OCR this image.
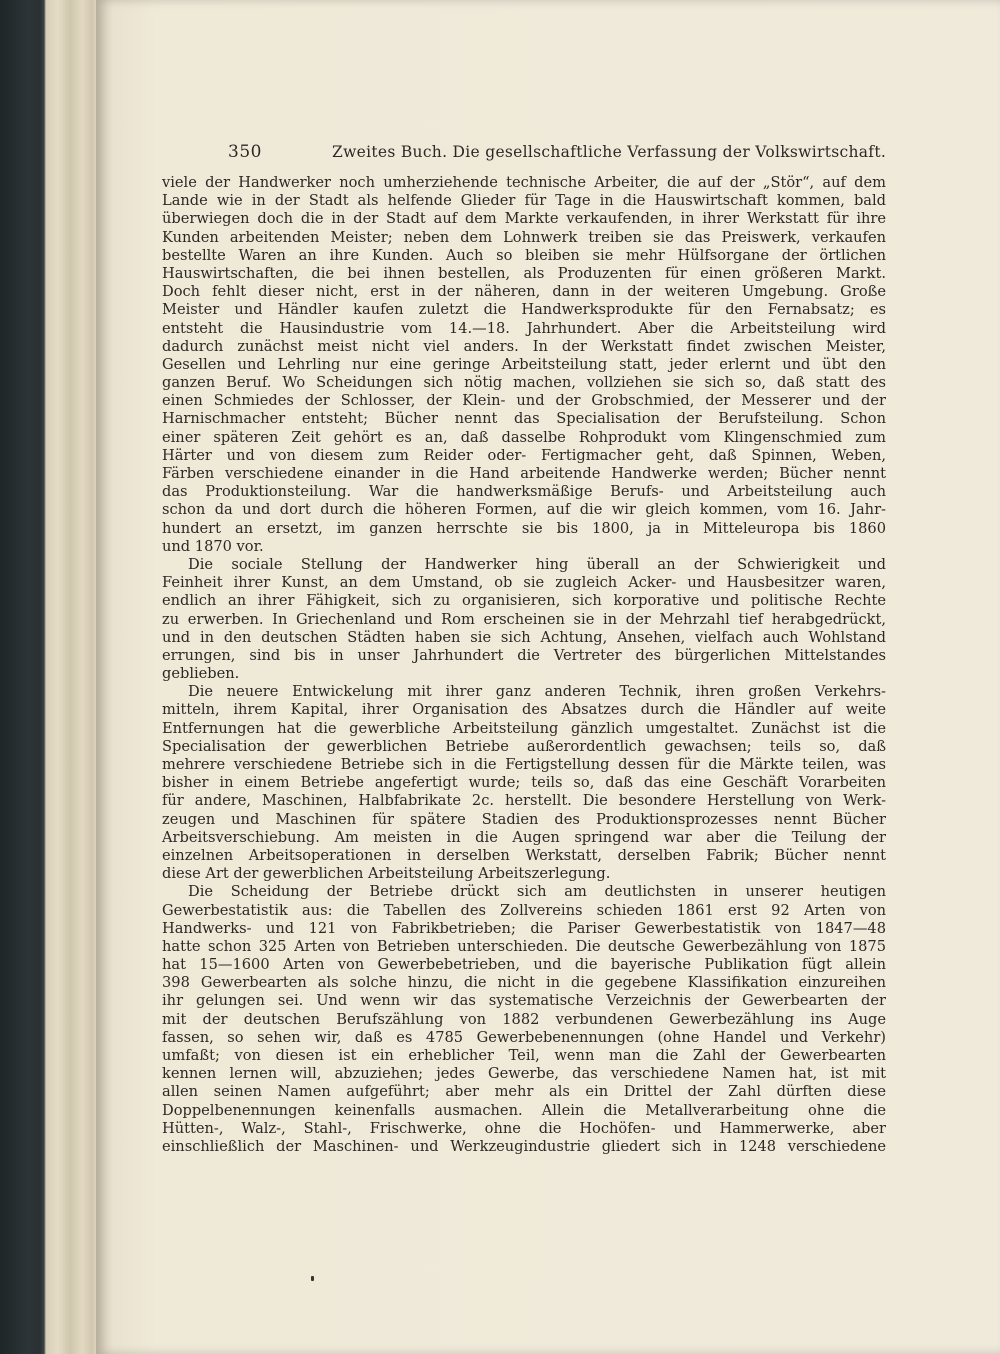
350	Zweites Buch. Die gesellschaftliche Verfassung der Volkswirtschaft.
viele der Handwerker noch umherziehende technische Arbeiter, die auf der „Stör“, auf dem
Lande wie in der Stadt als helfende Glieder für Tage in die Hauswirtschaft kommen, bald
überwiegen doch die in der Stadt auf dem Markte verkaufenden, in ihrer Werkstatt für ihre
Kunden arbeitenden Meister; neben dem Lohnwerk treiben sie das Preiswerk, verkaufen
bestellte Waren an ihre Kunden. Auch so bleiben sie mehr Hülfsorgane der örtlichen
Hauswirtschaften, die bei ihnen bestellen, als Produzenten für einen größeren Markt.
Doch fehlt dieser nicht, erst in der näheren, dann in der weiteren Umgebung. Große
Meister und Händler kaufen zuletzt die Handwerksprodukte für den Fernabsatz; es
entsteht die Hausindustrie vom 14.—18. Jahrhundert. Aber die Arbeitsteilung wird
dadurch zunächst meist nicht viel anders. In der Werkstatt findet zwischen Meister,
Gesellen und Lehrling nur eine geringe Arbeitsteilung statt, jeder erlernt und übt den
ganzen Beruf. Wo Scheidungen sich nötig machen, vollziehen sie sich so, daß statt des
einen Schmiedes der Schlosser, der Klein- und der Grobschmied, der Messerer und der
Harnischmacher entsteht; Bücher nennt das Specialisation der Berufsteilung. Schon
einer späteren Zeit gehört es an, daß dasselbe Rohprodukt vom Klingenschmied zum
Härter und von diesem zum Reider oder- Fertigmacher geht, daß Spinnen, Weben,
Färben verschiedene einander in die Hand arbeitende Handwerke werden; Bücher nennt
das Produktionsteilung. War die handwerksmäßige Berufs- und Arbeitsteilung auch
schon da und dort durch die höheren Formen, auf die wir gleich kommen, vom 16. Jahr-
hundert an ersetzt, im ganzen herrschte sie bis 1800, ja in Mitteleuropa bis 1860
und 1870 vor.
Die sociale Stellung der Handwerker hing überall an der Schwierigkeit und
Feinheit ihrer Kunst, an dem Umstand, ob sie zugleich Acker- und Hausbesitzer waren,
endlich an ihrer Fähigkeit, sich zu organisieren, sich korporative und politische Rechte
zu erwerben. In Griechenland und Rom erscheinen sie in der Mehrzahl tief herabgedrückt,
und in den deutschen Städten haben sie sich Achtung, Ansehen, vielfach auch Wohlstand
errungen, sind bis in unser Jahrhundert die Vertreter des bürgerlichen Mittelstandes
geblieben.
Die neuere Entwickelung mit ihrer ganz anderen Technik, ihren großen Verkehrs-
mitteln, ihrem Kapital, ihrer Organisation des Absatzes durch die Händler auf weite
Entfernungen hat die gewerbliche Arbeitsteilung gänzlich umgestaltet. Zunächst ist die
Specialisation der gewerblichen Betriebe außerordentlich gewachsen; teils so, daß
mehrere verschiedene Betriebe sich in die Fertigstellung dessen für die Märkte teilen, was
bisher in einem Betriebe angefertigt wurde; teils so, daß das eine Geschäft Vorarbeiten
für andere, Maschinen, Halbfabrikate 2c. herstellt. Die besondere Herstellung von Werk-
zeugen und Maschinen für spätere Stadien des Produktionsprozesses nennt Bücher
Arbeitsverschiebung. Am meisten in die Augen springend war aber die Teilung der
einzelnen Arbeitsoperationen in derselben Werkstatt, derselben Fabrik; Bücher nennt
diese Art der gewerblichen Arbeitsteilung Arbeitszerlegung.
Die Scheidung der Betriebe drückt sich am deutlichsten in unserer heutigen
Gewerbestatistik aus: die Tabellen des Zollvereins schieden 1861 erst 92 Arten von
Handwerks- und 121 von Fabrikbetrieben; die Pariser Gewerbestatistik von 1847—48
hatte schon 325 Arten von Betrieben unterschieden. Die deutsche Gewerbezählung von 1875
hat 15—1600 Arten von Gewerbebetrieben, und die bayerische Publikation fügt allein
398 Gewerbearten als solche hinzu, die nicht in die gegebene Klassifikation einzureihen
ihr gelungen sei. Und wenn wir das systematische Verzeichnis der Gewerbearten der
mit der deutschen Berufszählung von 1882 verbundenen Gewerbezählung ins Auge
fassen, so sehen wir, daß es 4785 Gewerbebenennungen (ohne Handel und Verkehr)
umfaßt; von diesen ist ein erheblicher Teil, wenn man die Zahl der Gewerbearten
kennen lernen will, abzuziehen; jedes Gewerbe, das verschiedene Namen hat, ist mit
allen seinen Namen aufgeführt; aber mehr als ein Drittel der Zahl dürften diese
Doppelbenennungen keinenfalls ausmachen. Allein die Metallverarbeitung ohne die
Hütten-, Walz-, Stahl-, Frischwerke, ohne die Hochöfen- und Hammerwerke, aber
einschließlich der Maschinen- und Werkzeugindustrie gliedert sich in 1248 verschiedene
